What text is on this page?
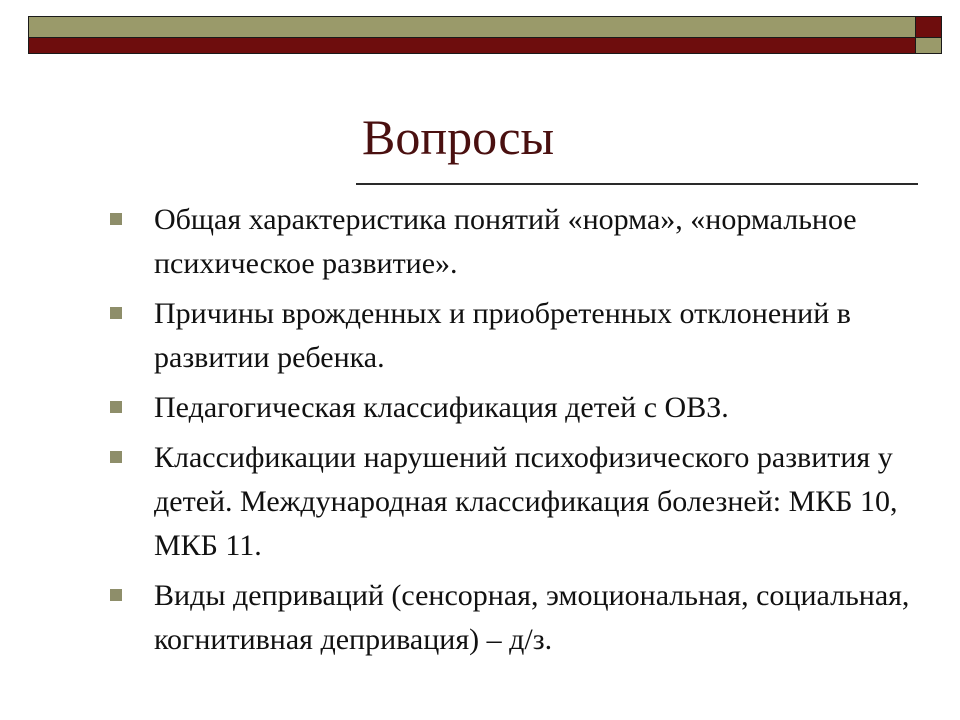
Вопросы
Общая характеристика понятий «норма», «нормальное психическое развитие».
Причины врожденных и приобретенных отклонений в развитии ребенка.
Педагогическая классификация детей с ОВЗ.
Классификации нарушений психофизического развития у детей. Международная классификация болезней: МКБ 10, МКБ 11.
Виды деприваций (сенсорная, эмоциональная, социальная, когнитивная депривация) – д/з.
